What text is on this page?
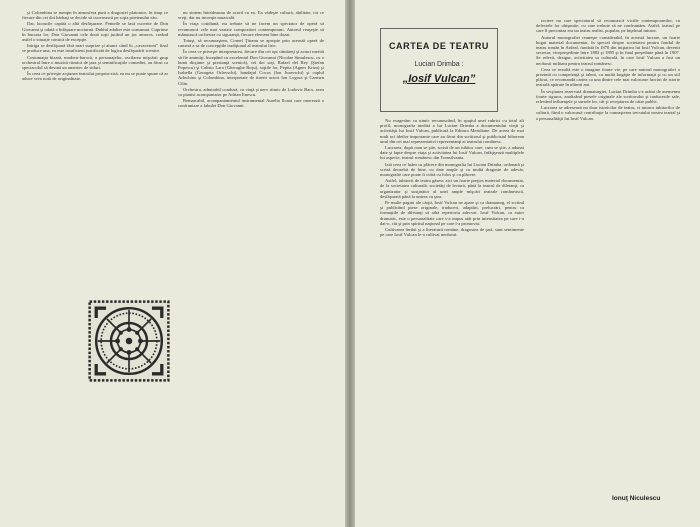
şi Colombina se menţin în atmosfera pură a dragostei platonice, în timp ce fiecare din cei doi bărbaţi se decide să cucerească pe soţia prietenului său.

Dar, lucrurile capătă o altă desfăşurare. Femeile se lasă cucerite de Don Giovanni şi odată o înfăşuare nocturnă. Dublul adulter este consumat. Cuprinse în bucuria lor, Don Giovanni cele două soţii jucând un joc amoros, creând astfel o situaţie comică de excepţie.

Intriga se desfăşoară fără mari surprize şi atunci când în „cavaceroni” final se produce una, ea este insuficient justificată de logica desfăşurării scenice.

Costumaţia bizară, modern-barocă, a personajelor, oscilarea mişcării grup orchestral între o muzică ritmică de jazz şi semnificaţiile comediei, au făcut ca spectacolul să devină un amestec de stiluri.

În ceea ce priveşte acţiunea teatrului propriu-zisă, ea nu se poate spune că ar aduce vreo notă de originalitate.

nu sintem întotdeauna de acord cu ea. Ea vădeşte cultură, abilitate, tot ce vreţi, dar nu invenţie muzicală.

În viaţa cotidiană, nu trebuie să ne facem un spectator de operă să recunoască cele mai variate compozitori contemporani. Autorul reuşeşte să mânuiască orchestra cu siguranţă, fiecare element bine dozat.

Totuşi, să recunoaştem, Cornel Ţăranu se apropie prin această operă de cameră a sa de concepţiile tradiţional al teatrului liric.

În ceea ce priveşte interpretarea, fiecare din cei opt cântăreţi şi actori merită să fie amintiţi, începând cu excelentul Don Giovanni (Nicolae Simulescu, cu o bună dicţiune şi prestanţă scenică), cei doi soţi, Rafael del Rey (Ştefan Popescu) şi Calisto Lara (Gheorghe Roşu), soţiile lor, Pepita (Agnes Kriza) şi Isabella (Georgeta Orlovschi), bandajul Cocos (Ion Juravschi) şi cuplul Arlechino şi Colombina, interpretate de tinerii actori Ion Logora şi Carmen Cilin.

Orchestra, admirabil condusă, cu viaţă şi nerv ritmic de Ludovic Bacs, avea ca pianist acompaniator pe Adrian Enescu.

Remarcabil, acompaniamentul instrumental Aurelia Ilcani care onorează o confruntare a fabulei Don Giovanni.

CARTEA DE TEATRU
Lucian Drimba :
„Iosif Vulcan”

Nu exagerăm cu nimic recunoscând, în spaţiul unei rubrici cu totul alt profil, monografia inedită a lui Lucian Drimba a documentului vieţii şi activităţii lui Iosif Vulcan, publicată la Editura Meridiane. De aceea de mai mult ori ideilor importante care au făcut din scriitorul şi publicistul bihorean unul din cei mai reprezentativi reprezentanţi ai teatrului românesc.

Lucrarea, după cum se ştie, scrisă de un iubitor care, cum se ştie, a adunat date şi fapte despre viaţa şi activitatea lui Iosif Vulcan, înfăţişează multiplele lui aspecte, teatrul românesc din Transilvania.

Iată ceea ce luăm cu plăcere din monografia lui Lucian Drimba, ordonată şi scrisă deosebit de bine, cu date ample şi cu multă dragoste de adevăr, monografie care poate fi citită cu folos şi cu plăcere.

Astfel, iubitorii de teatru găsesc aici un foarte preţios material documentar, de la societatea culturală, societăţi de lectură, până la teatrul de diletanţi, ca organizator şi susţinător al unei ample mişcări teatrale românească, desfăşurată până la unirea cu ţara.

Pe multe pagini ale cărţii, Iosif Vulcan ne apare şi ca dramaturg, el scriind şi publicând piese originale, traduceri, adaptări, prelucrări, pentru ca formaţiile de diletanţi să aibă repertoriu adecvat. Iosif Vulcan, ca autor dramatic, este o personalitate care s-a impus atât prin intensitatea pe care i-a dat-o, cât şi prin spiritul naţional pe care l-a promovat.

Cultivarea limbii şi a literaturii române, dragostea de ţară, sunt sentimente pe care Iosif Vulcan le-a cultivat neobosit.

ractere nu care spectatorul să recunoască viciile contemporanilor, cu defectele lor obişnuite, cu care trebuie să ne confruntăm. Astfel, teatrul pe care îl preconiza era un teatru realist, popular, pe înţelesul tuturor.

Autorul monografiei reuneşte considerabil, în această lucrare, un foarte bogat material documentar, în special despre societatea pentru fondul de teatru român în Ardeal, fundată în 1870 din iniţiativa lui Iosif Vulcan, devenit secretar, vicepreşedinte între 1882 şi 1895 şi în final preşedinte până în 1907. Se relevă, desigur, activitatea sa culturală, în care Iosif Vulcan a fost un neobosit militant pentru teatrul românesc.

Ceea ce rezultă este o imagine foarte vie, pe care autorul monografiei o prezintă cu competenţă şi talent, cu multă bogăţie de informaţii şi cu un stil plăcut, ce recomandă cartea ca una dintre cele mai valoroase lucrări de istorie teatrală apărute în ultimii ani.

În secţiunea rezervată dramaturgiei, Lucian Drimba s-a arătat de asemenea foarte riguros, analizând piesele originale ale scriitorului şi traducerile sale, relevând influenţele şi sursele lor, cât şi receptarea de către public.

Lucrarea se adresează nu doar istoricilor de teatru, ci tuturor iubitorilor de cultură, fiind o valoroasă contribuţie la cunoaşterea trecutului nostru teatral şi a personalităţii lui Iosif Vulcan.

Ionuţ Niculescu
